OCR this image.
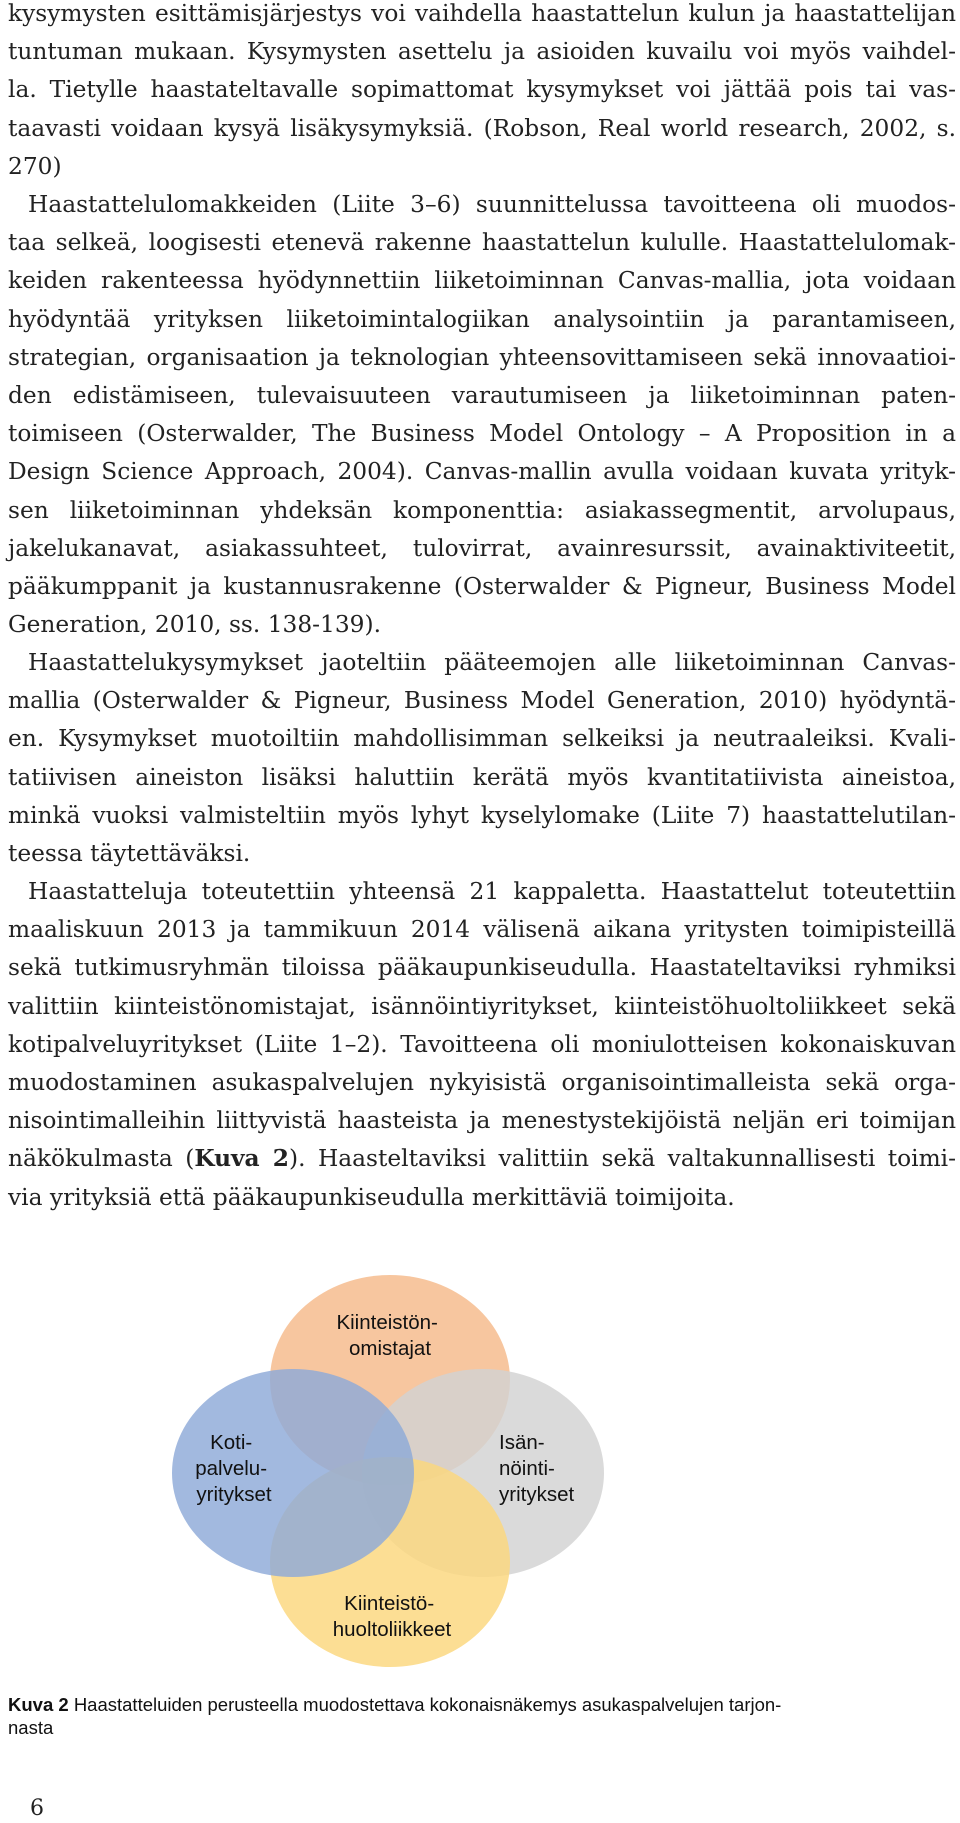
kysymysten esittämisjärjestys voi vaihdella haastattelun kulun ja haastattelijan
tuntuman mukaan. Kysymysten asettelu ja asioiden kuvailu voi myös vaihdel-
la. Tietylle haastateltavalle sopimattomat kysymykset voi jättää pois tai vas-
taavasti voidaan kysyä lisäkysymyksiä. (Robson, Real world research, 2002, s.
270)
Haastattelulomakkeiden (Liite 3–6) suunnittelussa tavoitteena oli muodos-
taa selkeä, loogisesti etenevä rakenne haastattelun kululle. Haastattelulomak-
keiden rakenteessa hyödynnettiin liiketoiminnan Canvas-mallia, jota voidaan
hyödyntää yrityksen liiketoimintalogiikan analysointiin ja parantamiseen,
strategian, organisaation ja teknologian yhteensovittamiseen sekä innovaatioi-
den edistämiseen, tulevaisuuteen varautumiseen ja liiketoiminnan paten-
toimiseen (Osterwalder, The Business Model Ontology – A Proposition in a
Design Science Approach, 2004). Canvas-mallin avulla voidaan kuvata yrityk-
sen liiketoiminnan yhdeksän komponenttia: asiakassegmentit, arvolupaus,
jakelukanavat, asiakassuhteet, tulovirrat, avainresurssit, avainaktiviteetit,
pääkumppanit ja kustannusrakenne (Osterwalder & Pigneur, Business Model
Generation, 2010, ss. 138-139).
Haastattelukysymykset jaoteltiin pääteemojen alle liiketoiminnan Canvas-
mallia (Osterwalder & Pigneur, Business Model Generation, 2010) hyödyntä-
en. Kysymykset muotoiltiin mahdollisimman selkeiksi ja neutraaleiksi. Kvali-
tatiivisen aineiston lisäksi haluttiin kerätä myös kvantitatiivista aineistoa,
minkä vuoksi valmisteltiin myös lyhyt kyselylomake (Liite 7) haastattelutilan-
teessa täytettäväksi.
Haastatteluja toteutettiin yhteensä 21 kappaletta. Haastattelut toteutettiin
maaliskuun 2013 ja tammikuun 2014 välisenä aikana yritysten toimipisteillä
sekä tutkimusryhmän tiloissa pääkaupunkiseudulla. Haastateltaviksi ryhmiksi
valittiin kiinteistönomistajat, isännöintiyritykset, kiinteistöhuoltoliikkeet sekä
kotipalveluyritykset (Liite 1–2). Tavoitteena oli moniulotteisen kokonaiskuvan
muodostaminen asukaspalvelujen nykyisistä organisointimalleista sekä orga-
nisointimalleihin liittyvistä haasteista ja menestystekijöistä neljän eri toimijan
näkökulmasta (Kuva 2). Haasteltaviksi valittiin sekä valtakunnallisesti toimi-
via yrityksiä että pääkaupunkiseudulla merkittäviä toimijoita.
Kiinteistön- omistajat
Isän- nöinti- yritykset
Kiinteistö- huoltoliikkeet
Koti- palvelu- yritykset
Kuva 2 Haastatteluiden perusteella muodostettava kokonaisnäkemys asukaspalvelujen tarjon-
nasta
6
